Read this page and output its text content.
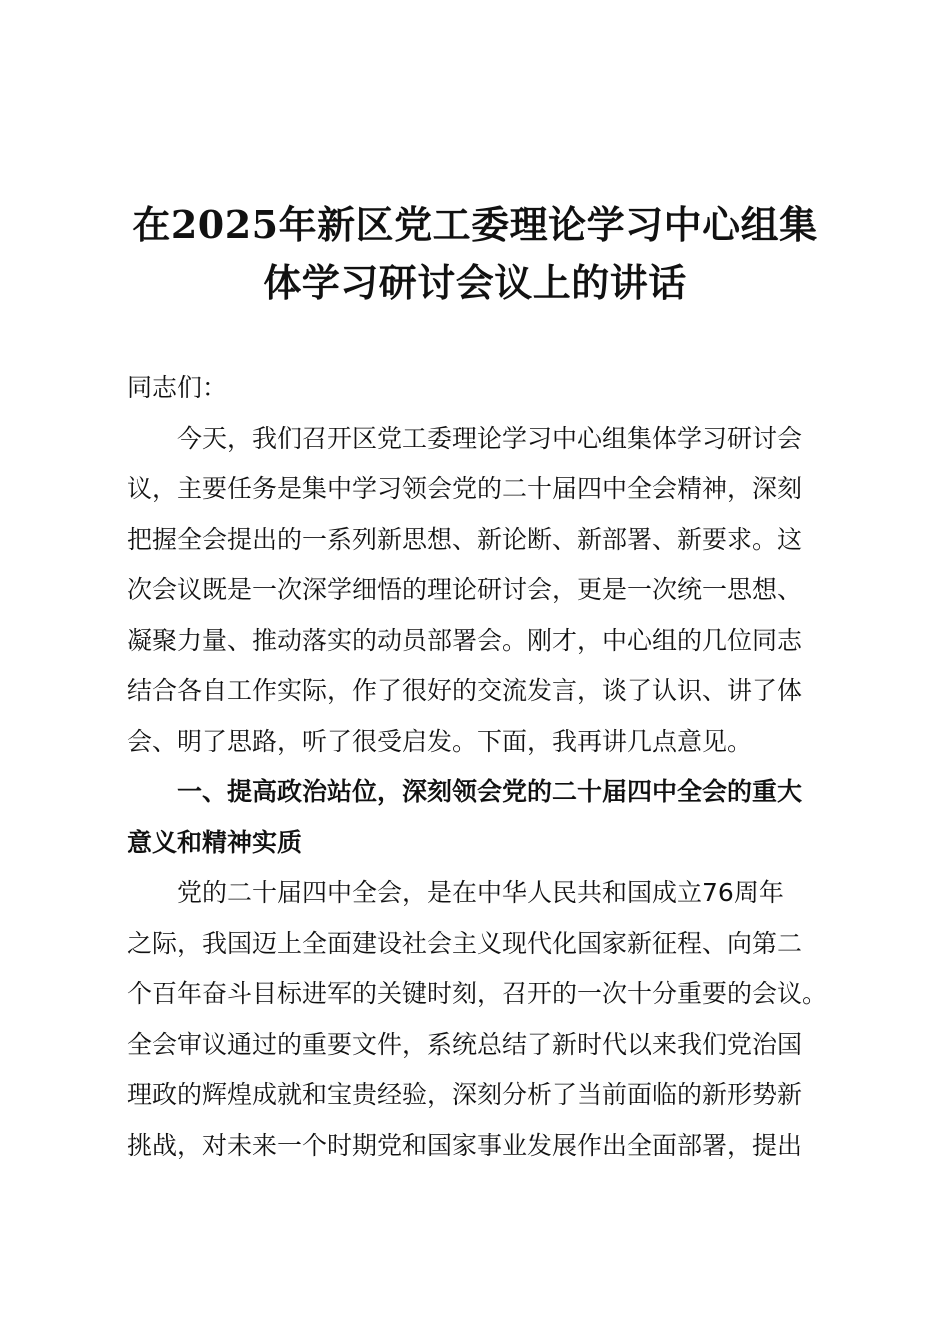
在2025年新区党工委理论学习中心组集
体学习研讨会议上的讲话

同志们：

今天，我们召开区党工委理论学习中心组集体学习研讨会
议，主要任务是集中学习领会党的二十届四中全会精神，深刻
把握全会提出的一系列新思想、新论断、新部署、新要求。这
次会议既是一次深学细悟的理论研讨会，更是一次统一思想、
凝聚力量、推动落实的动员部署会。刚才，中心组的几位同志
结合各自工作实际，作了很好的交流发言，谈了认识、讲了体
会、明了思路，听了很受启发。下面，我再讲几点意见。

一、提高政治站位，深刻领会党的二十届四中全会的重大
意义和精神实质

党的二十届四中全会，是在中华人民共和国成立76周年
之际，我国迈上全面建设社会主义现代化国家新征程、向第二
个百年奋斗目标进军的关键时刻，召开的一次十分重要的会议。
全会审议通过的重要文件，系统总结了新时代以来我们党治国
理政的辉煌成就和宝贵经验，深刻分析了当前面临的新形势新
挑战，对未来一个时期党和国家事业发展作出全面部署，提出
